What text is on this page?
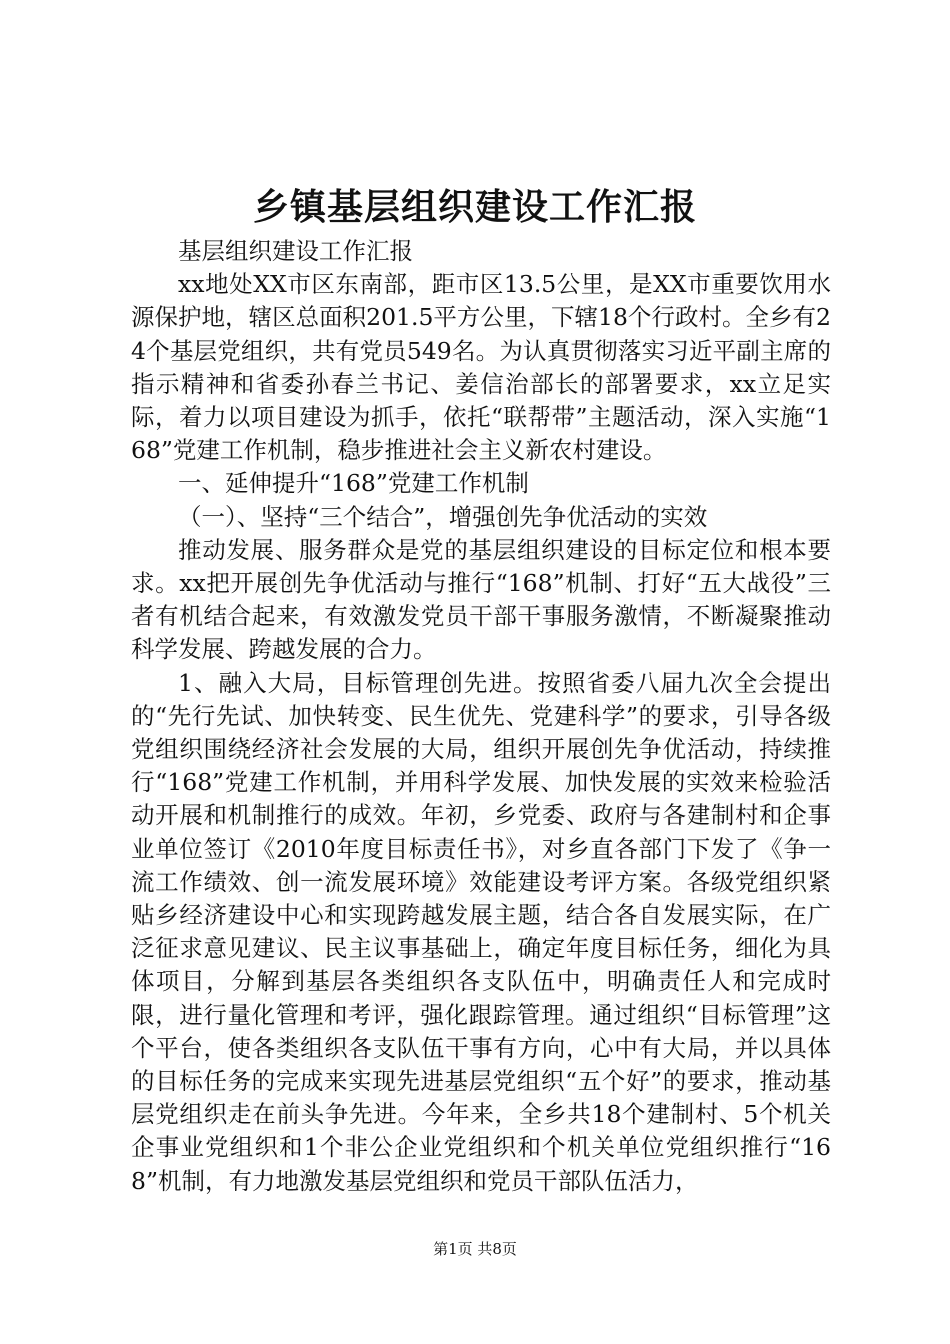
乡镇基层组织建设工作汇报

基层组织建设工作汇报

xx地处XX市区东南部，距市区13.5公里，是XX市重要饮用水源保护地，辖区总面积201.5平方公里，下辖18个行政村。全乡有24个基层党组织，共有党员549名。为认真贯彻落实习近平副主席的指示精神和省委孙春兰书记、姜信治部长的部署要求，xx立足实际，着力以项目建设为抓手，依托“联帮带”主题活动，深入实施“168”党建工作机制，稳步推进社会主义新农村建设。

一、延伸提升“168”党建工作机制

（一）、坚持“三个结合”，增强创先争优活动的实效

推动发展、服务群众是党的基层组织建设的目标定位和根本要求。xx把开展创先争优活动与推行“168”机制、打好“五大战役”三者有机结合起来，有效激发党员干部干事服务激情，不断凝聚推动科学发展、跨越发展的合力。

1、融入大局，目标管理创先进。按照省委八届九次全会提出的“先行先试、加快转变、民生优先、党建科学”的要求，引导各级党组织围绕经济社会发展的大局，组织开展创先争优活动，持续推行“168”党建工作机制，并用科学发展、加快发展的实效来检验活动开展和机制推行的成效。年初，乡党委、政府与各建制村和企事业单位签订《2010年度目标责任书》，对乡直各部门下发了《争一流工作绩效、创一流发展环境》效能建设考评方案。各级党组织紧贴乡经济建设中心和实现跨越发展主题，结合各自发展实际，在广泛征求意见建议、民主议事基础上，确定年度目标任务，细化为具体项目，分解到基层各类组织各支队伍中，明确责任人和完成时限，进行量化管理和考评，强化跟踪管理。通过组织“目标管理”这个平台，使各类组织各支队伍干事有方向，心中有大局，并以具体的目标任务的完成来实现先进基层党组织“五个好”的要求，推动基层党组织走在前头争先进。今年来，全乡共18个建制村、5个机关企事业党组织和1个非公企业党组织和个机关单位党组织推行“168”机制，有力地激发基层党组织和党员干部队伍活力，

第1页 共8页
